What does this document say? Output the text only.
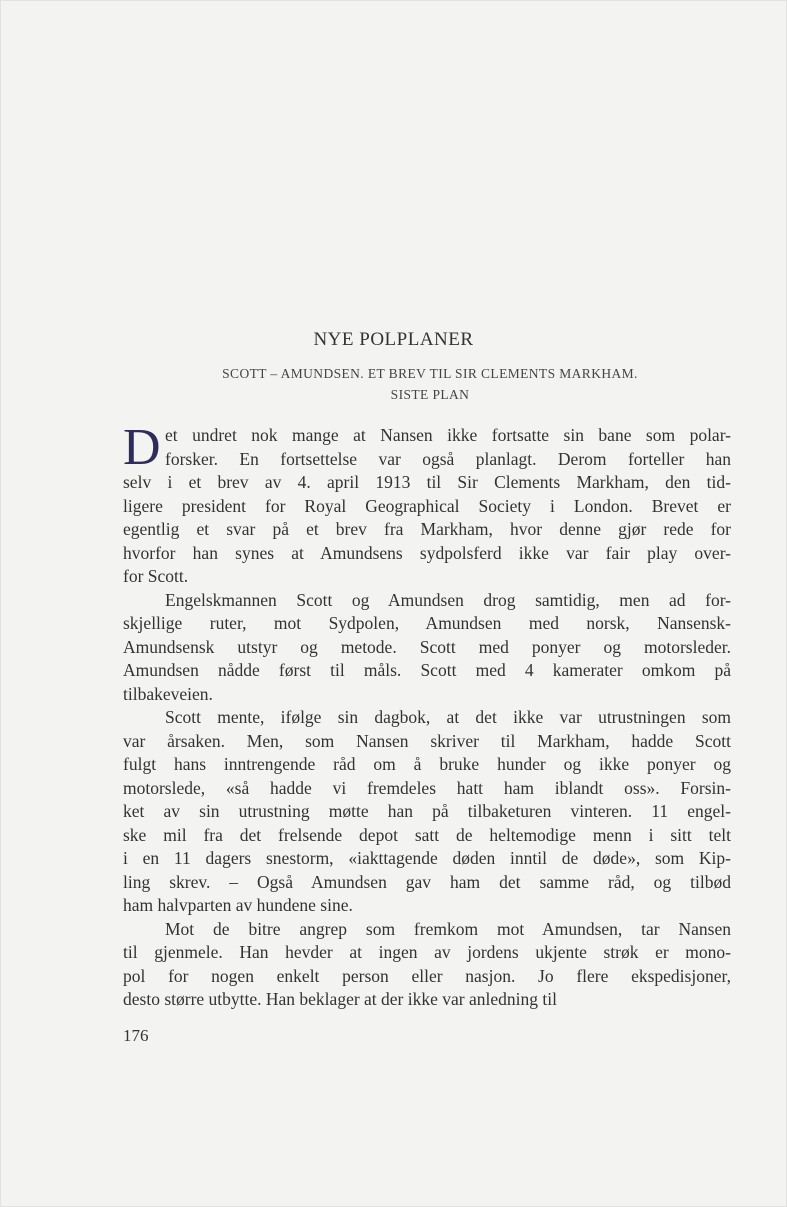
NYE POLPLANER
SCOTT – AMUNDSEN. ET BREV TIL SIR CLEMENTS MARKHAM.
SISTE PLAN
D et undret nok mange at Nansen ikke fortsatte sin bane som polar-
forsker. En fortsettelse var også planlagt. Derom forteller han
selv i et brev av 4. april 1913 til Sir Clements Markham, den tid-
ligere president for Royal Geographical Society i London. Brevet er
egentlig et svar på et brev fra Markham, hvor denne gjør rede for
hvorfor han synes at Amundsens sydpolsferd ikke var fair play over-
for Scott.
Engelskmannen Scott og Amundsen drog samtidig, men ad for-
skjellige ruter, mot Sydpolen, Amundsen med norsk, Nansensk-
Amundsensk utstyr og metode. Scott med ponyer og motorsleder.
Amundsen nådde først til måls. Scott med 4 kamerater omkom på
tilbakeveien.
Scott mente, ifølge sin dagbok, at det ikke var utrustningen som
var årsaken. Men, som Nansen skriver til Markham, hadde Scott
fulgt hans inntrengende råd om å bruke hunder og ikke ponyer og
motorslede, «så hadde vi fremdeles hatt ham iblandt oss». Forsin-
ket av sin utrustning møtte han på tilbaketuren vinteren. 11 engel-
ske mil fra det frelsende depot satt de heltemodige menn i sitt telt
i en 11 dagers snestorm, «iakttagende døden inntil de døde», som Kip-
ling skrev. – Også Amundsen gav ham det samme råd, og tilbød
ham halvparten av hundene sine.
Mot de bitre angrep som fremkom mot Amundsen, tar Nansen
til gjenmele. Han hevder at ingen av jordens ukjente strøk er mono-
pol for nogen enkelt person eller nasjon. Jo flere ekspedisjoner,
desto større utbytte. Han beklager at der ikke var anledning til
176
